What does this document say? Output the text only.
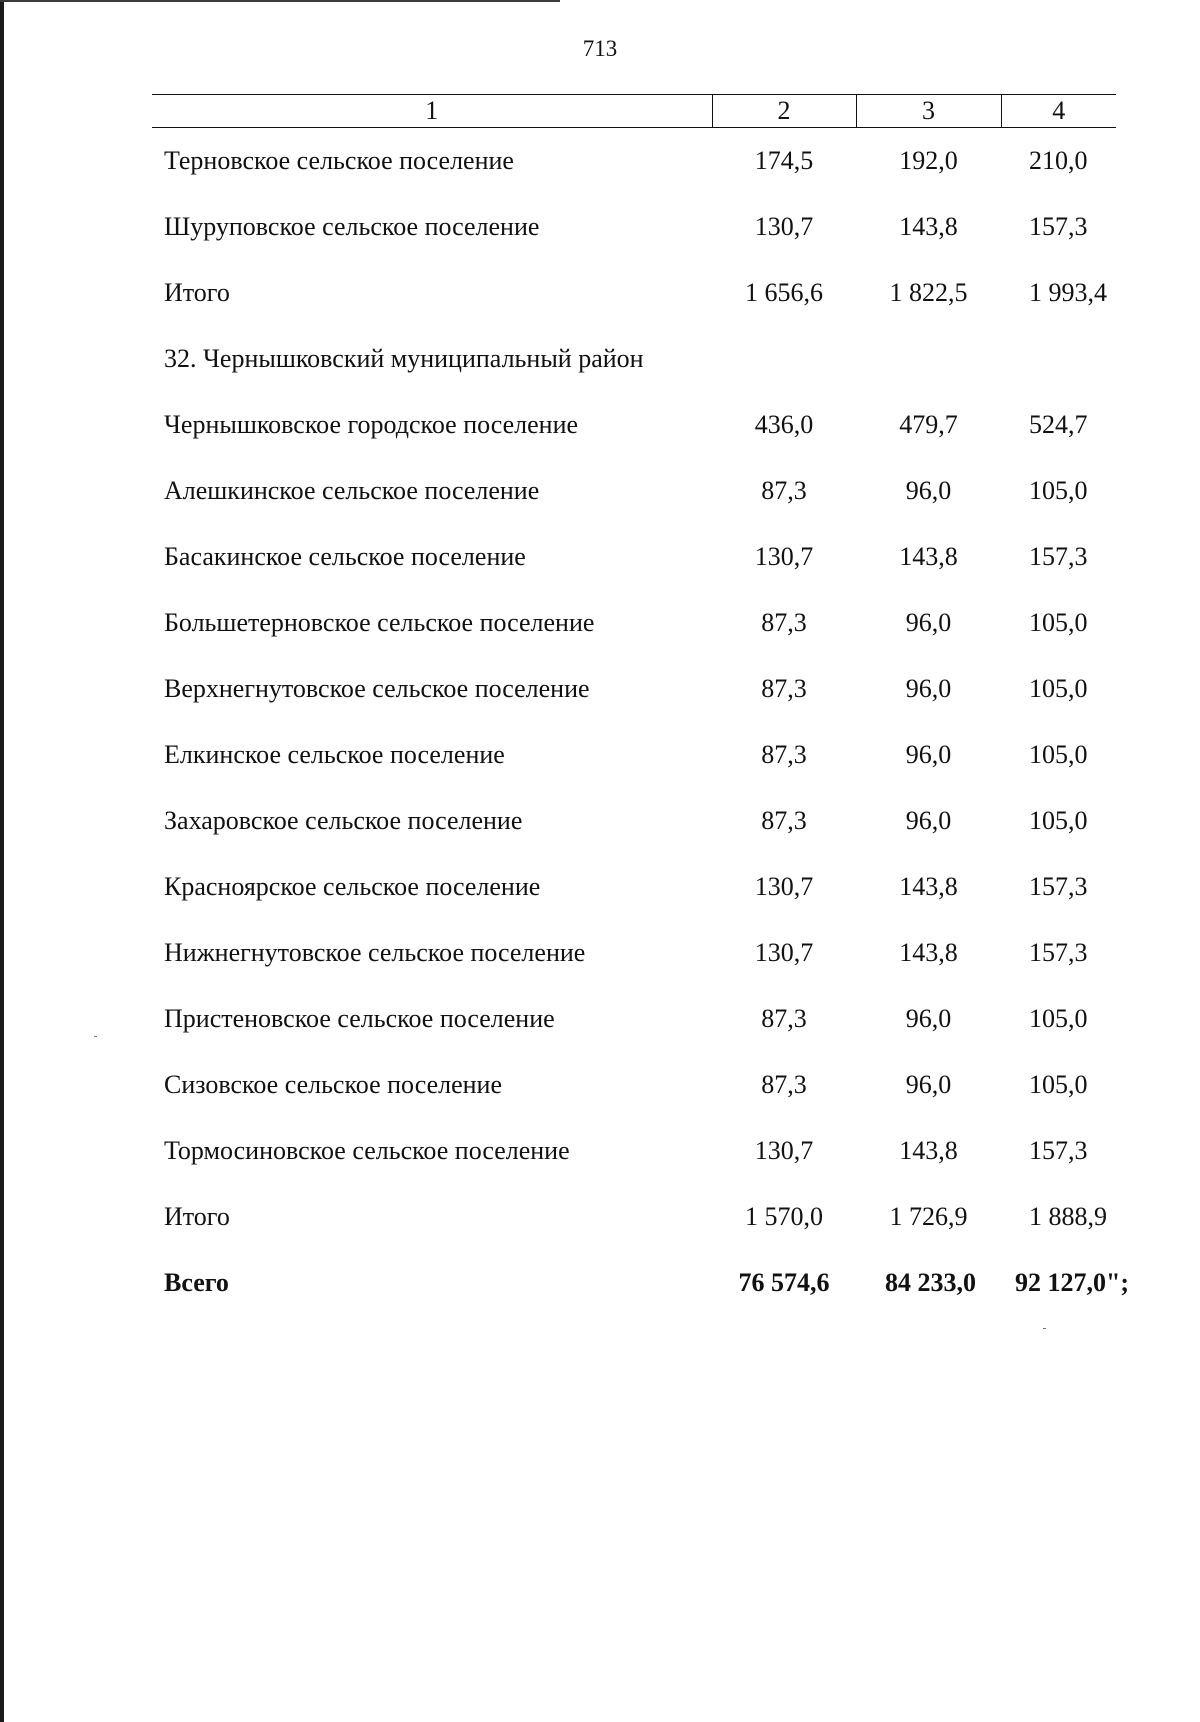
713
1	2	3	4
Терновское сельское поселение	174,5	192,0	210,0
Шуруповское сельское поселение	130,7	143,8	157,3
Итого	1 656,6	1 822,5	1 993,4
32. Чернышковский муниципальный район			
Чернышковское городское поселение	436,0	479,7	524,7
Алешкинское сельское поселение	87,3	96,0	105,0
Басакинское сельское поселение	130,7	143,8	157,3
Большетерновское сельское поселение	87,3	96,0	105,0
Верхнегнутовское сельское поселение	87,3	96,0	105,0
Елкинское сельское поселение	87,3	96,0	105,0
Захаровское сельское поселение	87,3	96,0	105,0
Красноярское сельское поселение	130,7	143,8	157,3
Нижнегнутовское сельское поселение	130,7	143,8	157,3
Пристеновское сельское поселение	87,3	96,0	105,0
Сизовское сельское поселение	87,3	96,0	105,0
Тормосиновское сельское поселение	130,7	143,8	157,3
Итого	1 570,0	1 726,9	1 888,9
Всего	76 574,6	84 233,0	92 127,0";
